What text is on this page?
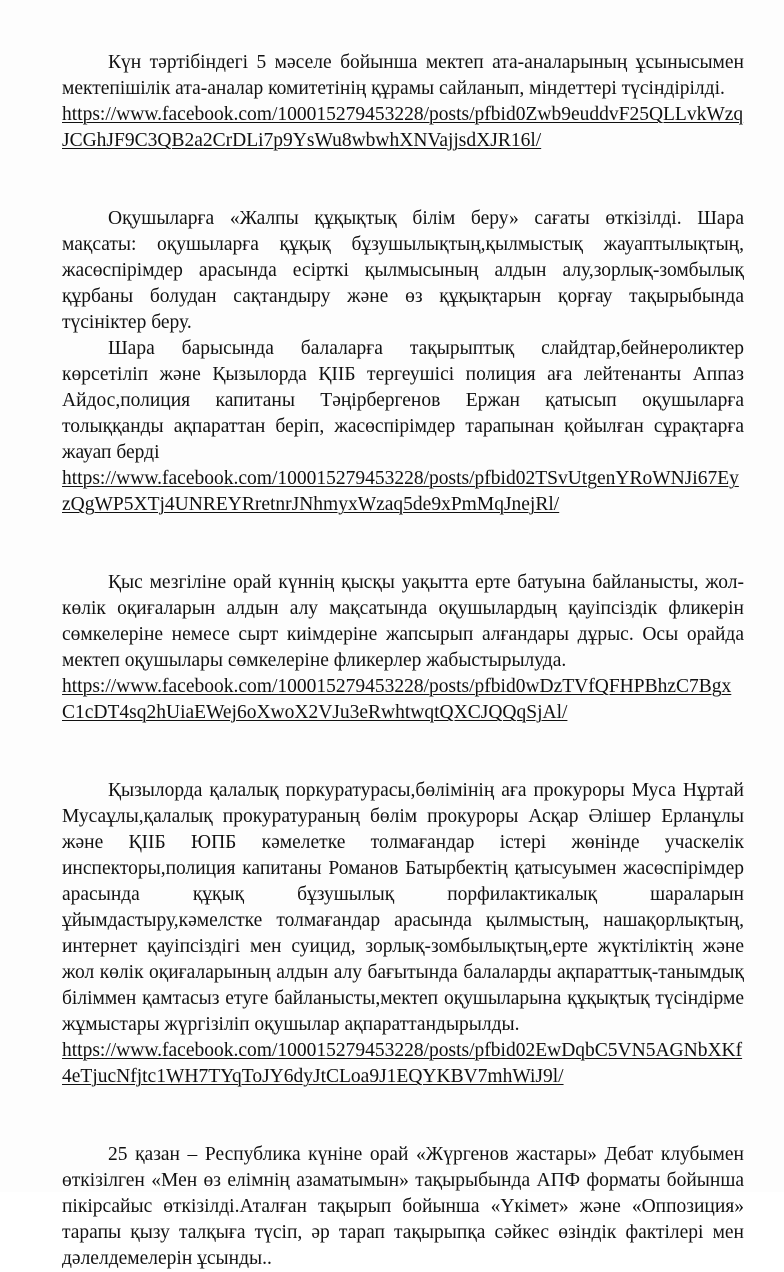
Күн тәртібіндегі 5 мәселе бойынша мектеп ата-аналарының ұсынысымен мектепішілік ата-аналар комитетінің құрамы сайланып, міндеттері түсіндірілді.

https://www.facebook.com/100015279453228/posts/pfbid0Zwb9euddvF25QLLvkWzqJCGhJF9C3QB2a2CrDLi7p9YsWu8wbwhXNVajjsdXJR16l/

Оқушыларға «Жалпы құқықтық білім беру» сағаты өткізілді. Шара мақсаты: оқушыларға құқық бұзушылықтың,қылмыстық жауаптылықтың, жасөспірімдер арасында есірткі қылмысының алдын алу,зорлық-зомбылық құрбаны болудан сақтандыру және өз құқықтарын қорғау тақырыбында түсініктер беру.

Шара барысында балаларға тақырыптық слайдтар,бейнероликтер көрсетіліп және Қызылорда ҚІІБ тергеушісі полиция аға лейтенанты Аппаз Айдос,полиция капитаны Тәңірбергенов Ержан қатысып оқушыларға толыққанды ақпараттан беріп, жасөспірімдер тарапынан қойылған сұрақтарға жауап берді

https://www.facebook.com/100015279453228/posts/pfbid02TSvUtgenYRoWNJi67EyzQgWP5XTj4UNREYRretnrJNhmyxWzaq5de9xPmMqJnejRl/

Қыс мезгіліне орай күннің қысқы уақытта ерте батуына байланысты, жол-көлік оқиғаларын алдын алу мақсатында оқушылардың қауіпсіздік фликерін сөмкелеріне немесе сырт киімдеріне жапсырып алғандары дұрыс. Осы орайда мектеп оқушылары сөмкелеріне фликерлер жабыстырылуда.

https://www.facebook.com/100015279453228/posts/pfbid0wDzTVfQFHPBhzC7BgxC1cDT4sq2hUiaEWej6oXwoX2VJu3eRwhtwqtQXCJQQqSjAl/

Қызылорда қалалық поркуратурасы,бөлімінің аға прокуроры Муса Нұртай Мусаұлы,қалалық прокуратураның бөлім прокуроры Асқар Әлішер Ерланұлы және ҚІІБ ЮПБ кәмелетке толмағандар істері жөнінде учаскелік инспекторы,полиция капитаны Романов Батырбектің қатысуымен жасөспірімдер арасында құқық бұзушылық порфилактикалық шараларын ұйымдастыру,кәмелстке толмағандар арасында қылмыстың, нашақорлықтың, интернет қауіпсіздігі мен суицид, зорлық-зомбылықтың,ерте жүктіліктің және жол көлік оқиғаларының алдын алу бағытында балаларды ақпараттық-танымдық біліммен қамтасыз етуге байланысты,мектеп оқушыларына құқықтық түсіндірме жұмыстары жүргізіліп оқушылар ақпараттандырылды.

https://www.facebook.com/100015279453228/posts/pfbid02EwDqbC5VN5AGNbXKf4eTjucNfjtc1WH7TYqToJY6dyJtCLoa9J1EQYKBV7mhWiJ9l/

25 қазан – Республика күніне орай «Жүргенов жастары» Дебат клубымен өткізілген «Мен өз елімнің азаматымын» тақырыбында АПФ форматы бойынша пікірсайыс өткізілді.Аталған тақырып бойынша «Үкімет» және «Оппозиция» тарапы қызу талқыға түсіп, әр тарап тақырыпқа сәйкес өзіндік фактілері мен дәлелдемелерін ұсынды..
